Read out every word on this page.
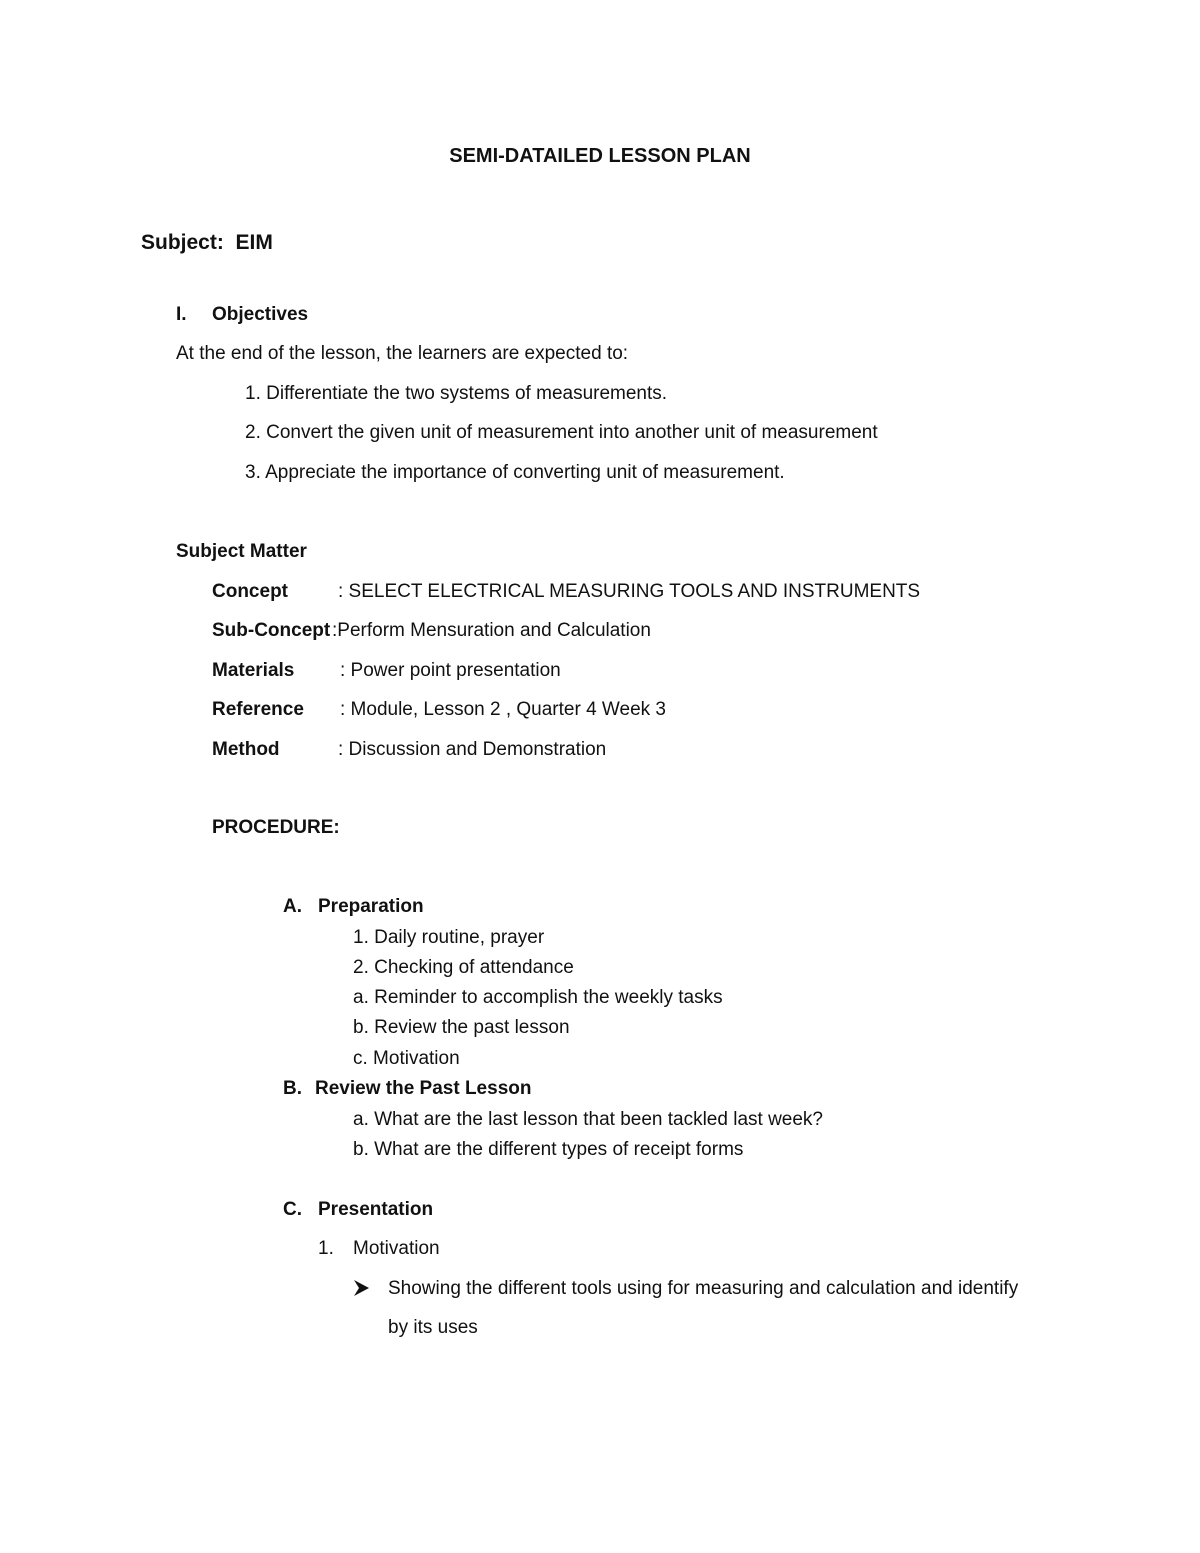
SEMI-DATAILED LESSON PLAN
Subject: EIM
I. Objectives
At the end of the lesson, the learners are expected to:
1. Differentiate the two systems of measurements.
2. Convert the given unit of measurement into another unit of measurement
3. Appreciate the importance of converting unit of measurement.
Subject Matter
Concept	: SELECT ELECTRICAL MEASURING TOOLS AND INSTRUMENTS
Sub-Concept :Perform Mensuration and Calculation
Materials : Power point presentation
Reference : Module, Lesson 2 , Quarter 4 Week 3
Method	: Discussion and Demonstration
PROCEDURE:
A. Preparation
1. Daily routine, prayer
2. Checking of attendance
a. Reminder to accomplish the weekly tasks
b. Review the past lesson
c. Motivation
B. Review the Past Lesson
a. What are the last lesson that been tackled last week?
b. What are the different types of receipt forms
C. Presentation
1. Motivation
Showing the different tools using for measuring and calculation and identify
by its uses
